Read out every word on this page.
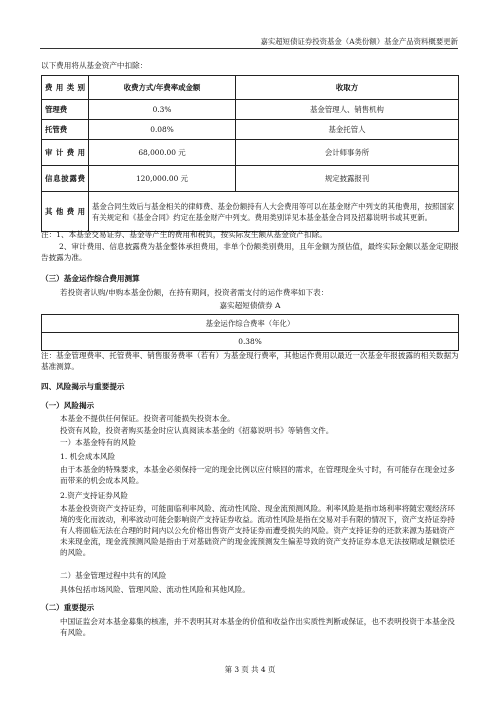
嘉实超短债证券投资基金（A类份额）基金产品资料概要更新
以下费用将从基金资产中扣除：
费用类别	收费方式/年费率或金额	收取方
管理费	0.3%	基金管理人、销售机构
托管费	0.08%	基金托管人
审计费用	68,000.00 元	会计师事务所
信息披露费	120,000.00 元	规定披露报刊
其他费用	基金合同生效后与基金相关的律师费、基金份额持有人大会费用等可以在基金财产中列支的其他费用，按照国家有关规定和《基金合同》约定在基金财产中列支。费用类别详见本基金基金合同及招募说明书或其更新。	
注：1、本基金交易证券、基金等产生的费用和税负，按实际发生额从基金资产扣除。
2、审计费用、信息披露费为基金整体承担费用，非单个份额类别费用，且年金额为预估值，最终实际金额以基金定期报告披露为准。
（三）基金运作综合费用测算
若投资者认购/申购本基金份额，在持有期间，投资者需支付的运作费率如下表：
嘉实超短债债券 A
基金运作综合费率（年化）
0.38%
注：基金管理费率、托管费率、销售服务费率（若有）为基金现行费率，其他运作费用以最近一次基金年报披露的相关数据为基准测算。
四、风险揭示与重要提示
（一）风险揭示
本基金不提供任何保证。投资者可能损失投资本金。
投资有风险，投资者购买基金时应认真阅读本基金的《招募说明书》等销售文件。
一）本基金特有的风险
1. 机会成本风险
由于本基金的特殊要求，本基金必须保持一定的现金比例以应付赎回的需求，在管理现金头寸时，有可能存在现金过多而带来的机会成本风险。
2.资产支持证券风险
本基金投资资产支持证券，可能面临利率风险、流动性风险、现金流预测风险。利率风险是指市场利率将随宏观经济环境的变化而波动，利率波动可能会影响资产支持证券收益。流动性风险是指在交易对手有限的情况下，资产支持证券持有人将面临无法在合理的时间内以公允价格出售资产支持证券而遭受损失的风险。资产支持证券的还款来源为基础资产未来现金流，现金流预测风险是指由于对基础资产的现金流预测发生偏差导致的资产支持证券本息无法按期或足额偿还的风险。
二）基金管理过程中共有的风险
具体包括市场风险、管理风险、流动性风险和其他风险。
（二）重要提示
中国证监会对本基金募集的核准，并不表明其对本基金的价值和收益作出实质性判断或保证，也不表明投资于本基金没有风险。
第 3 页 共 4 页
